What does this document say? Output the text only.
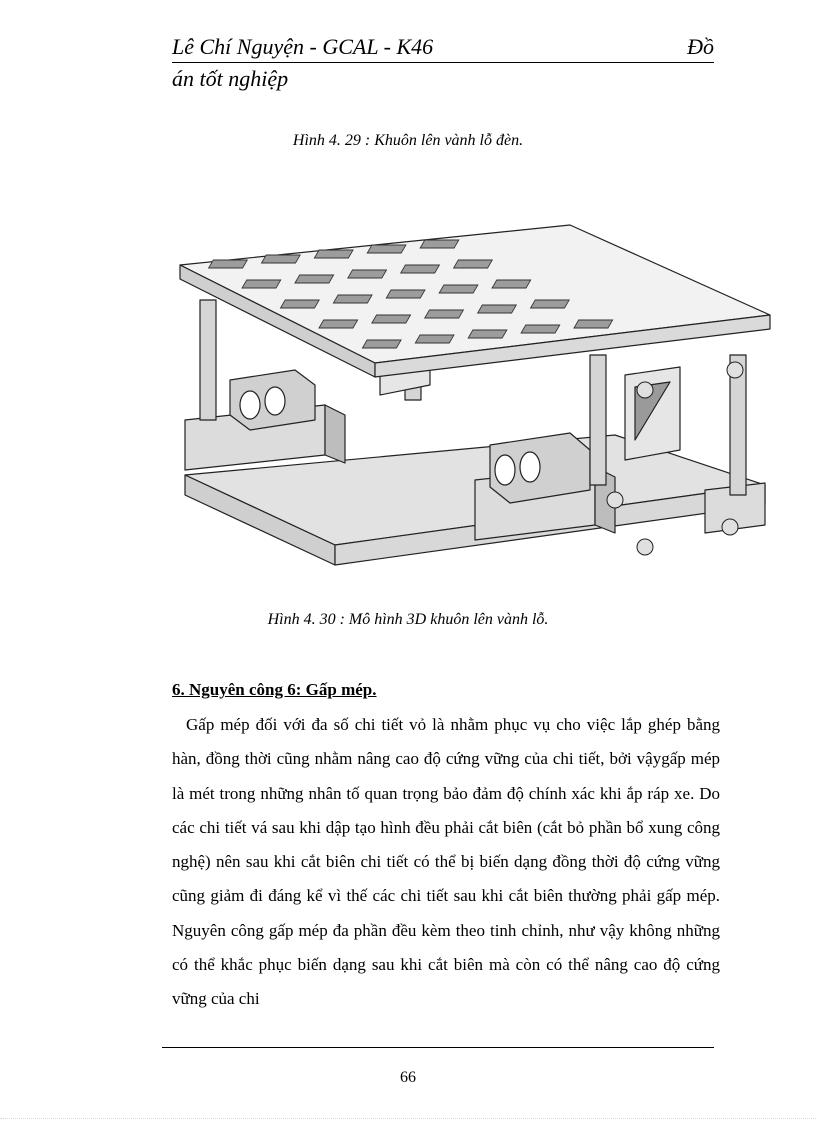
Lê Chí Nguyện - GCAL - K46	Đồ
án tốt nghiệp
Hình 4. 29 : Khuôn lên vành lỗ đèn.
Hình 4. 30 : Mô hình 3D khuôn lên vành lỗ.
6. Nguyên công 6: Gấp mép.

Gấp mép đối với đa số chi tiết vỏ là nhằm phục vụ cho việc lắp ghép bằng hàn, đồng thời cũng nhằm nâng cao độ cứng vững của chi tiết, bởi vậygấp mép là mét trong những nhân tố quan trọng bảo đảm độ chính xác khi ắp ráp xe. Do các chi tiết vá sau khi dập tạo hình đều phải cắt biên (cắt bỏ phần bổ xung công nghệ) nên sau khi cắt biên chi tiết có thể bị biến dạng đồng thời độ cứng vững cũng giảm đi đáng kể vì thế các chi tiết sau khi cắt biên thường phải gấp mép. Nguyên công gấp mép đa phần đều kèm theo tinh chỉnh, như vậy không những có thể khắc phục biến dạng sau khi cắt biên mà còn có thể nâng cao độ cứng vững của chi

66
